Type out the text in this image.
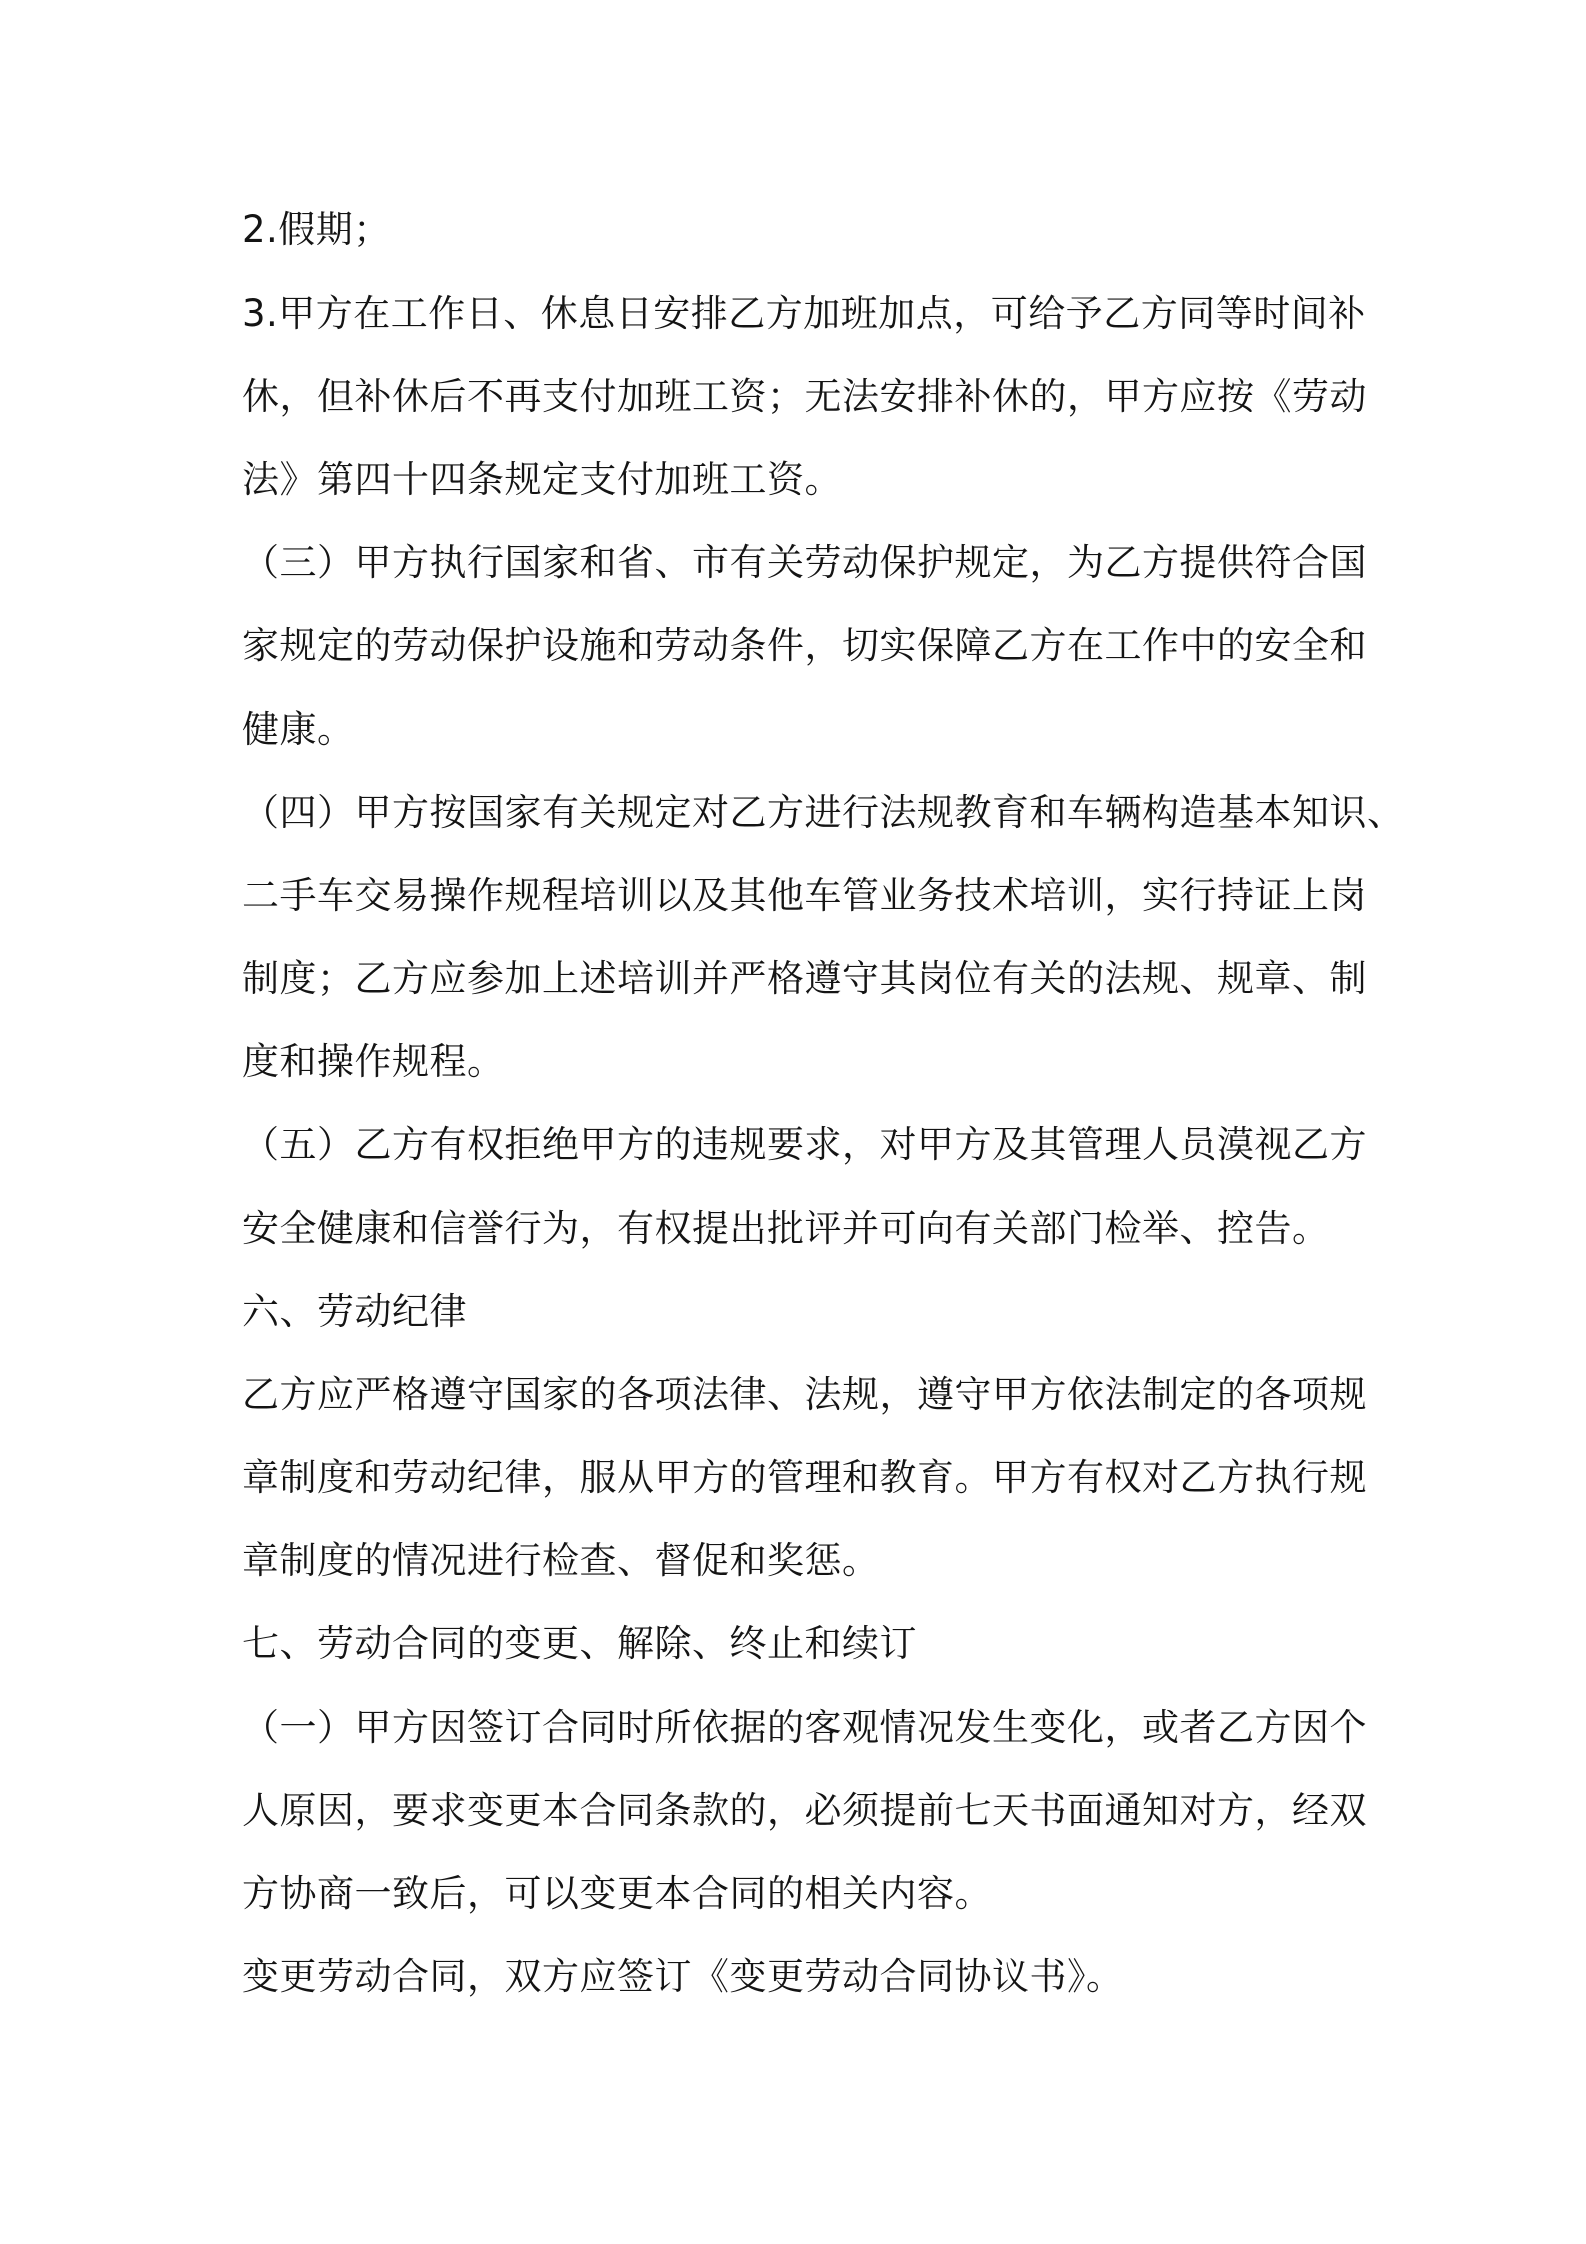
2.假期；
3.甲方在工作日、休息日安排乙方加班加点，可给予乙方同等时间补
休，但补休后不再支付加班工资；无法安排补休的，甲方应按《劳动
法》第四十四条规定支付加班工资。
（三）甲方执行国家和省、市有关劳动保护规定，为乙方提供符合国
家规定的劳动保护设施和劳动条件，切实保障乙方在工作中的安全和
健康。
（四）甲方按国家有关规定对乙方进行法规教育和车辆构造基本知识、
二手车交易操作规程培训以及其他车管业务技术培训，实行持证上岗
制度；乙方应参加上述培训并严格遵守其岗位有关的法规、规章、制
度和操作规程。
（五）乙方有权拒绝甲方的违规要求，对甲方及其管理人员漠视乙方
安全健康和信誉行为，有权提出批评并可向有关部门检举、控告。
六、劳动纪律
乙方应严格遵守国家的各项法律、法规，遵守甲方依法制定的各项规
章制度和劳动纪律，服从甲方的管理和教育。甲方有权对乙方执行规
章制度的情况进行检查、督促和奖惩。
七、劳动合同的变更、解除、终止和续订
（一）甲方因签订合同时所依据的客观情况发生变化，或者乙方因个
人原因，要求变更本合同条款的，必须提前七天书面通知对方，经双
方协商一致后，可以变更本合同的相关内容。
变更劳动合同，双方应签订《变更劳动合同协议书》。
